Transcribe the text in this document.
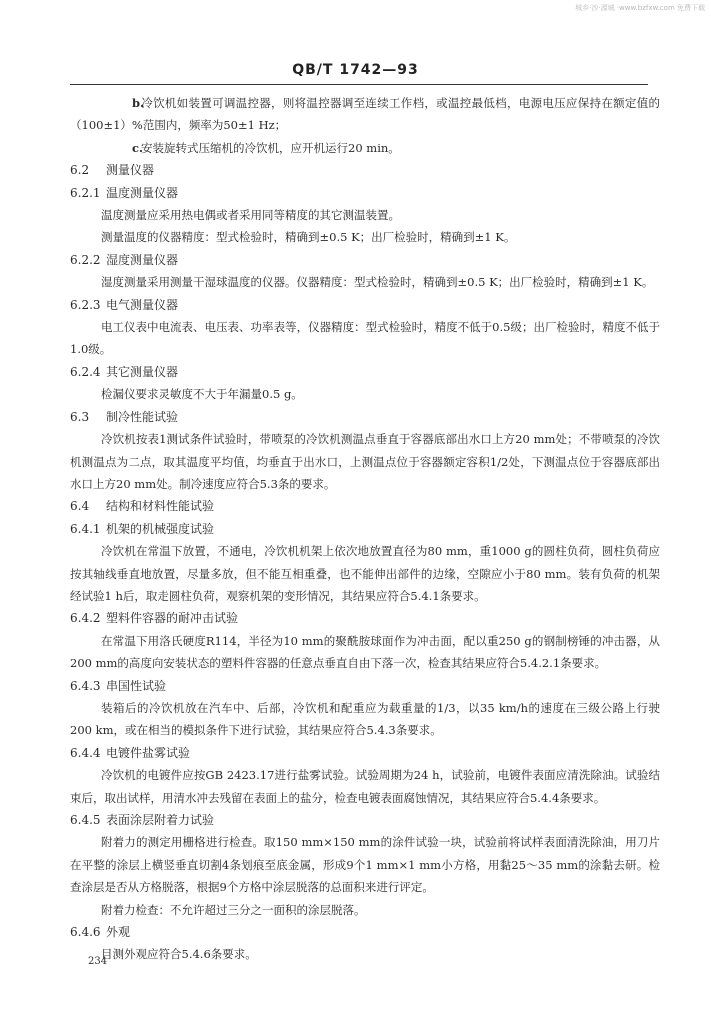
城乡·沙·源城 ·www.bzfxw.com 免费下载
QB/T 1742—93

b.冷饮机如装置可调温控器，则将温控器调至连续工作档，或温控最低档，电源电压应保持在额定值的（100±1）%范围内，频率为50±1 Hz；

c.安装旋转式压缩机的冷饮机，应开机运行20 min。

6.2 测量仪器

6.2.1 温度测量仪器

温度测量应采用热电偶或者采用同等精度的其它测温装置。

测量温度的仪器精度：型式检验时，精确到±0.5 K；出厂检验时，精确到±1 K。

6.2.2 湿度测量仪器

湿度测量采用测量干湿球温度的仪器。仪器精度：型式检验时，精确到±0.5 K；出厂检验时，精确到±1 K。

6.2.3 电气测量仪器

电工仪表中电流表、电压表、功率表等，仪器精度：型式检验时，精度不低于0.5级；出厂检验时，精度不低于1.0级。

6.2.4 其它测量仪器

检漏仪要求灵敏度不大于年漏量0.5 g。

6.3 制冷性能试验

冷饮机按表1测试条件试验时，带喷泵的冷饮机测温点垂直于容器底部出水口上方20 mm处；不带喷泵的冷饮机测温点为二点，取其温度平均值，均垂直于出水口，上测温点位于容器额定容积1/2处，下测温点位于容器底部出水口上方20 mm处。制冷速度应符合5.3条的要求。

6.4 结构和材料性能试验

6.4.1 机架的机械强度试验

冷饮机在常温下放置，不通电，冷饮机机架上依次地放置直径为80 mm，重1000 g的圆柱负荷，圆柱负荷应按其轴线垂直地放置，尽量多放，但不能互相重叠，也不能伸出部件的边缘，空隙应小于80 mm。装有负荷的机架经试验1 h后，取走圆柱负荷，观察机架的变形情况，其结果应符合5.4.1条要求。

6.4.2 塑料件容器的耐冲击试验

在常温下用洛氏硬度R114，半径为10 mm的聚酰胺球面作为冲击面，配以重250 g的钢制榜锤的冲击器，从200 mm的高度向安装状态的塑料件容器的任意点垂直自由下落一次，检查其结果应符合5.4.2.1条要求。

6.4.3 串国性试验

装箱后的冷饮机放在汽车中、后部，冷饮机和配重应为载重量的1/3，以35 km/h的速度在三级公路上行驶200 km，或在相当的模拟条件下进行试验，其结果应符合5.4.3条要求。

6.4.4 电镀件盐雾试验

冷饮机的电镀件应按GB 2423.17进行盐雾试验。试验周期为24 h，试验前，电镀件表面应清洗除油。试验结束后，取出试样，用清水冲去残留在表面上的盐分，检查电镀表面腐蚀情况，其结果应符合5.4.4条要求。

6.4.5 表面涂层附着力试验

附着力的测定用栅格进行检查。取150 mm×150 mm的涂件试验一块，试验前将试样表面清洗除油，用刀片在平整的涂层上横竖垂直切割4条划痕至底金属，形成9个1 mm×1 mm小方格，用黏25～35 mm的涂黏去研。检查涂层是否从方格脱落，根据9个方格中涂层脱落的总面积来进行评定。

附着力检查：不允许超过三分之一面积的涂层脱落。

6.4.6 外观

目测外观应符合5.4.6条要求。

234
